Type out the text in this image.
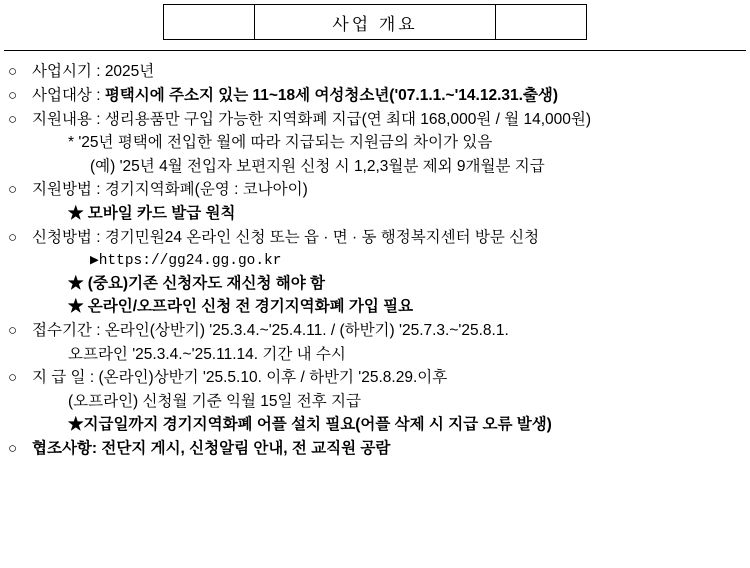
사업 개요
○ 사업시기 : 2025년
○ 사업대상 : 평택시에 주소지 있는 11~18세 여성청소년('07.1.1.~'14.12.31.출생)
○ 지원내용 : 생리용품만 구입 가능한 지역화폐 지급(연 최대 168,000원 / 월 14,000원)
* '25년 평택에 전입한 월에 따라 지급되는 지원금의 차이가 있음
(예) '25년 4월 전입자 보편지원 신청 시 1,2,3월분 제외 9개월분 지급
○ 지원방법 : 경기지역화폐(운영 : 코나아이)
★ 모바일 카드 발급 원칙
○ 신청방법 : 경기민원24 온라인 신청 또는 읍 · 면 · 동 행정복지센터 방문 신청
▶https://gg24.gg.go.kr
★ (중요)기존 신청자도 재신청 해야 함
★ 온라인/오프라인 신청 전 경기지역화폐 가입 필요
○ 접수기간 : 온라인(상반기) '25.3.4.~'25.4.11. / (하반기) '25.7.3.~'25.8.1.
오프라인 '25.3.4.~'25.11.14. 기간 내 수시
○ 지 급 일 : (온라인)상반기 '25.5.10. 이후 / 하반기 '25.8.29.이후
(오프라인) 신청월 기준 익월 15일 전후 지급
★지급일까지 경기지역화폐 어플 설치 필요(어플 삭제 시 지급 오류 발생)
○ 협조사항: 전단지 게시, 신청알림 안내, 전 교직원 공람
